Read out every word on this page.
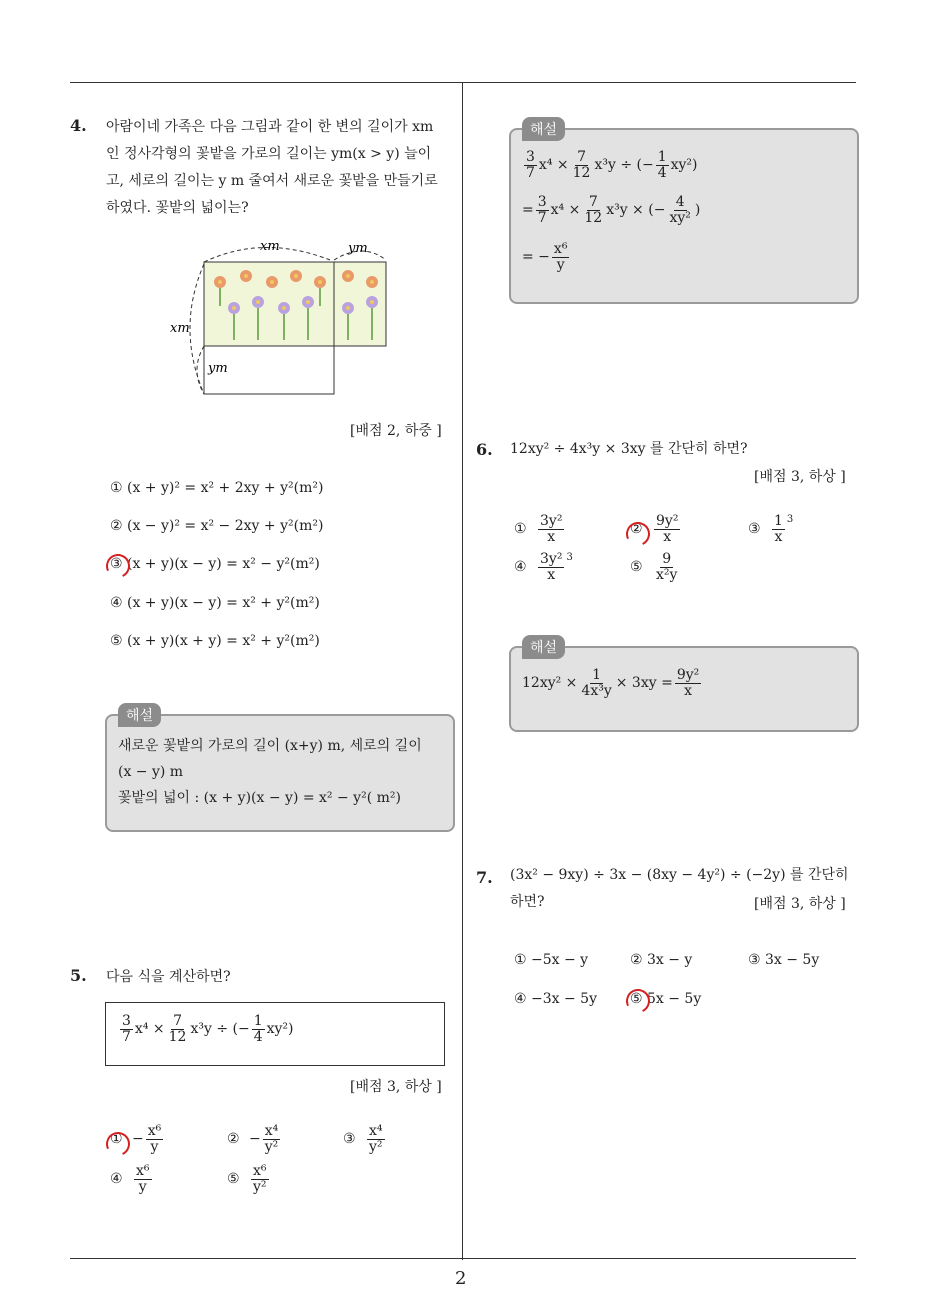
2
4. 아람이네 가족은 다음 그림과 같이 한 변의 길이가 xm
인 정사각형의 꽃밭을 가로의 길이는 ym(x > y) 늘이
고, 세로의 길이는 y m 줄여서 새로운 꽃밭을 만들기로
하였다. 꽃밭의 넓이는?
xm	ym
xm
ym
[배점 2, 하중 ]
① (x + y)² = x² + 2xy + y²(m²)
② (x − y)² = x² − 2xy + y²(m²)
③ (x + y)(x − y) = x² − y²(m²)
④ (x + y)(x − y) = x² + y²(m²)
⑤ (x + y)(x + y) = x² + y²(m²)
해설
새로운 꽃밭의 가로의 길이 (x+y) m, 세로의 길이
(x − y) m
꽃밭의 넓이 : (x + y)(x − y) = x² − y²( m²)
5. 다음 식을 계산하면?
$\frac{3}{7} x^4 \times \frac{7}{12} x^3y$ ÷ (− $\frac{1}{4} xy^2$)
[배점 3, 하상 ]
① − $\frac{\text{x⁶}}{y}$	② − $\frac{\text{x⁴}}{\text{y²}}$	③ $\frac{\text{x⁴}}{\text{y²}}$
④ $\frac{\text{x⁶}}{y}$	⑤ $\frac{\text{x⁶}}{\text{y²}}$
해설
$\frac{3}{7} x^4 \times \frac{7}{12} x^3y$ ÷ (− $\frac{1}{4} xy^2$)
= $\frac{3}{7} x^4 \times \frac{7}{12} x^3y$ × (− $\frac{4}{\text{xy²}}$ )
= − $\frac{\text{x⁶}}{y}$
6. 12xy² ÷ 4x³y × 3xy 를 간단히 하면?
[배점 3, 하상 ]
① $\frac{\text{3y²}}{x}$	② $\frac{\text{9y²}}{x}$	③ $\frac{1}{x}^3$
④ $\frac{\text{3y²}}{x}^3$
⑤ $\frac{9}{\text{x²y}}$
해설
$12xy^2 \times \frac{1}{\text{4x³y}} \times 3xy = \frac{\text{9y²}}{x}$
7. (3x² − 9xy) ÷ 3x − (8xy − 4y²) ÷ (−2y) 를 간단히
하면?	[배점 3, 하상 ]
① −5x − y	② 3x − y	③ 3x − 5y
④ −3x − 5y ⑤ 5x − 5y
